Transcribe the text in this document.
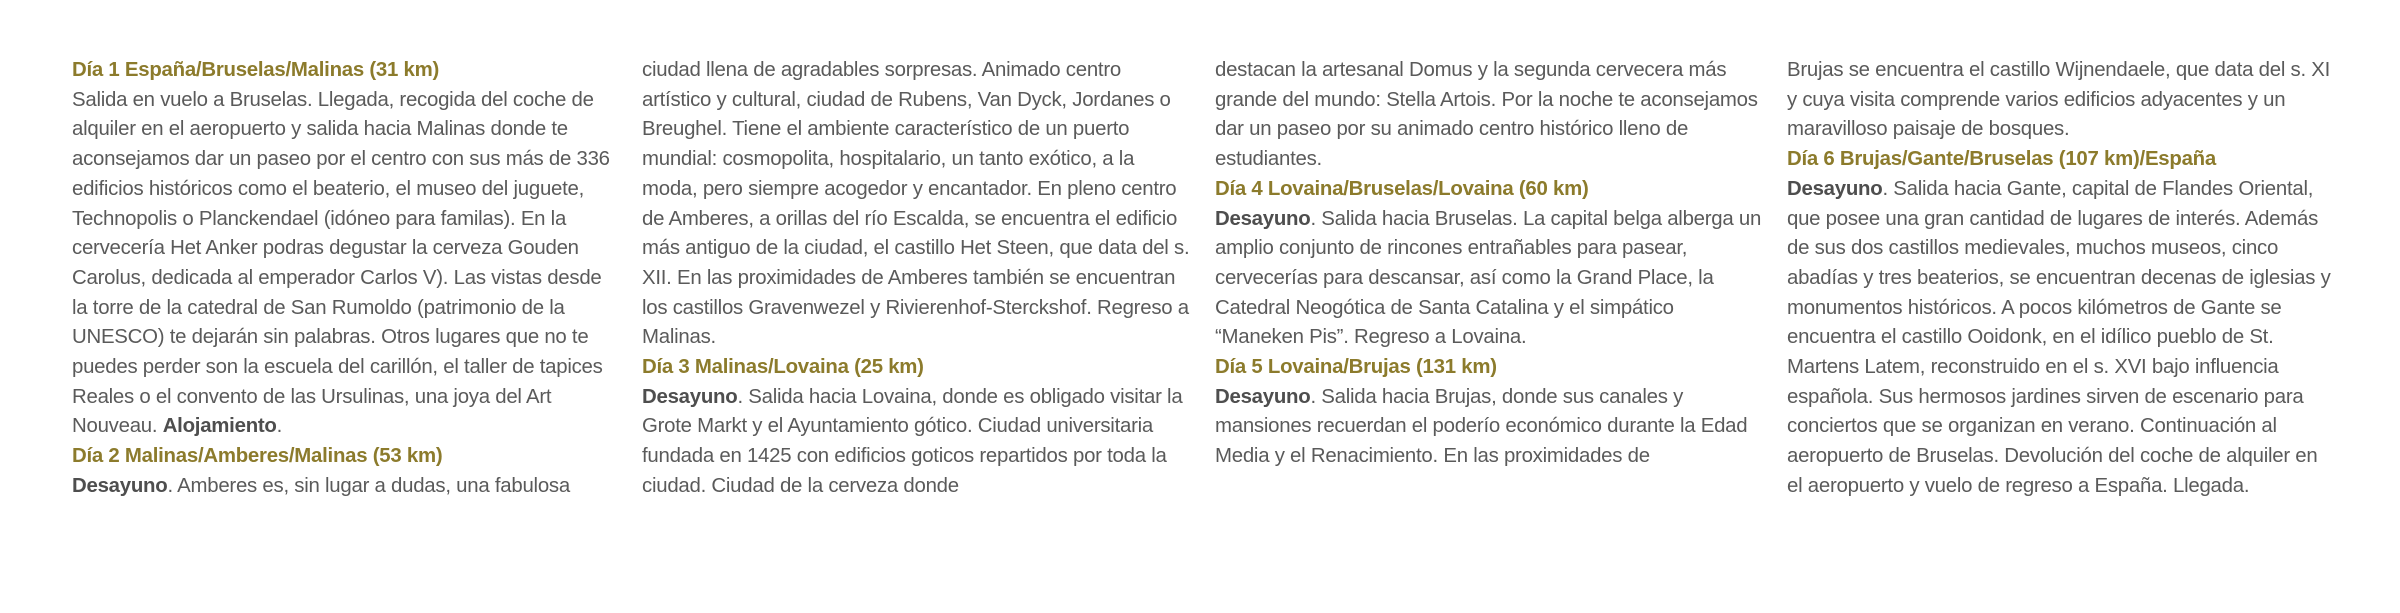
Día 1 España/Bruselas/Malinas (31 km)
Salida en vuelo a Bruselas. Llegada, recogida del coche de alquiler en el aeropuerto y salida hacia Malinas donde te aconsejamos dar un paseo por el centro con sus más de 336 edificios históricos como el beaterio, el museo del juguete, Technopolis o Planckendael (idóneo para familas). En la cervecería Het Anker podras degustar la cerveza Gouden Carolus, dedicada al emperador Carlos V). Las vistas desde la torre de la catedral de San Rumoldo (patrimonio de la UNESCO) te dejarán sin palabras. Otros lugares que no te puedes perder son la escuela del carillón, el taller de tapices Reales o el convento de las Ursulinas, una joya del Art Nouveau. Alojamiento.

Día 2 Malinas/Amberes/Malinas (53 km)
Desayuno. Amberes es, sin lugar a dudas, una fabulosa

ciudad llena de agradables sorpresas. Animado centro artístico y cultural, ciudad de Rubens, Van Dyck, Jordanes o Breughel. Tiene el ambiente característico de un puerto mundial: cosmopolita, hospitalario, un tanto exótico, a la moda, pero siempre acogedor y encantador. En pleno centro de Amberes, a orillas del río Escalda, se encuentra el edificio más antiguo de la ciudad, el castillo Het Steen, que data del s. XII. En las proximidades de Amberes también se encuentran los castillos Gravenwezel y Rivierenhof-Sterckshof. Regreso a Malinas.

Día 3 Malinas/Lovaina (25 km)
Desayuno. Salida hacia Lovaina, donde es obligado visitar la Grote Markt y el Ayuntamiento gótico. Ciudad universitaria fundada en 1425 con edificios goticos repartidos por toda la ciudad. Ciudad de la cerveza donde

destacan la artesanal Domus y la segunda cervecera más grande del mundo: Stella Artois. Por la noche te aconsejamos dar un paseo por su animado centro histórico lleno de estudiantes.

Día 4 Lovaina/Bruselas/Lovaina (60 km)
Desayuno. Salida hacia Bruselas. La capital belga alberga un amplio conjunto de rincones entrañables para pasear, cervecerías para descansar, así como la Grand Place, la Catedral Neogótica de Santa Catalina y el simpático “Maneken Pis”. Regreso a Lovaina.

Día 5 Lovaina/Brujas (131 km)
Desayuno. Salida hacia Brujas, donde sus canales y mansiones recuerdan el poderío económico durante la Edad Media y el Renacimiento. En las proximidades de

Brujas se encuentra el castillo Wijnendaele, que data del s. XI y cuya visita comprende varios edificios adyacentes y un maravilloso paisaje de bosques.

Día 6 Brujas/Gante/Bruselas (107 km)/España
Desayuno. Salida hacia Gante, capital de Flandes Oriental, que posee una gran cantidad de lugares de interés. Además de sus dos castillos medievales, muchos museos, cinco abadías y tres beaterios, se encuentran decenas de iglesias y monumentos históricos. A pocos kilómetros de Gante se encuentra el castillo Ooidonk, en el idílico pueblo de St. Martens Latem, reconstruido en el s. XVI bajo influencia española. Sus hermosos jardines sirven de escenario para conciertos que se organizan en verano. Continuación al aeropuerto de Bruselas. Devolución del coche de alquiler en el aeropuerto y vuelo de regreso a España. Llegada.
